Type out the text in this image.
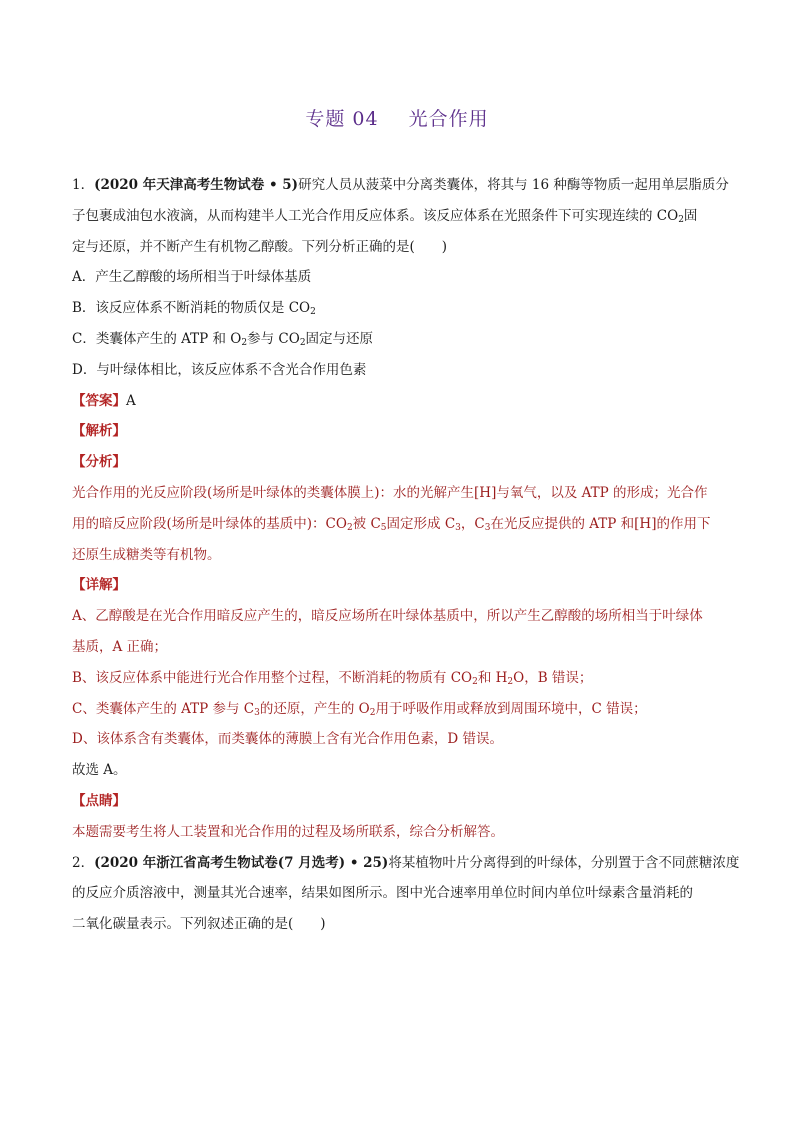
专题 04 光合作用
1．(2020 年天津高考生物试卷 • 5)研究人员从菠菜中分离类囊体，将其与 16 种酶等物质一起用单层脂质分
子包裹成油包水液滴，从而构建半人工光合作用反应体系。该反应体系在光照条件下可实现连续的 $CO_2$固
定与还原，并不断产生有机物乙醇酸。下列分析正确的是(　　)
A．产生乙醇酸的场所相当于叶绿体基质
B．该反应体系不断消耗的物质仅是 $CO_2$
C．类囊体产生的 ATP 和 $O_2$参与 $CO_2$固定与还原
D．与叶绿体相比，该反应体系不含光合作用色素
【答案】A
【解析】
【分析】
光合作用的光反应阶段(场所是叶绿体的类囊体膜上)：水的光解产生[H]与氧气，以及 ATP 的形成；光合作
用的暗反应阶段(场所是叶绿体的基质中)：$CO_2$被 $C_5$固定形成 $C_3$，$C_3$在光反应提供的 ATP 和[H]的作用下
还原生成糖类等有机物。
【详解】
A、乙醇酸是在光合作用暗反应产生的，暗反应场所在叶绿体基质中，所以产生乙醇酸的场所相当于叶绿体
基质，A 正确；
B、该反应体系中能进行光合作用整个过程，不断消耗的物质有 $CO_2$和 $H_2O$，B 错误；
C、类囊体产生的 ATP 参与 $C_3$的还原，产生的 $O_2$用于呼吸作用或释放到周围环境中，C 错误；
D、该体系含有类囊体，而类囊体的薄膜上含有光合作用色素，D 错误。
故选 A。
【点睛】
本题需要考生将人工装置和光合作用的过程及场所联系，综合分析解答。
2．(2020 年浙江省高考生物试卷(7 月选考) • 25)将某植物叶片分离得到的叶绿体，分别置于含不同蔗糖浓度
的反应介质溶液中，测量其光合速率，结果如图所示。图中光合速率用单位时间内单位叶绿素含量消耗的
二氧化碳量表示。下列叙述正确的是(　　)
